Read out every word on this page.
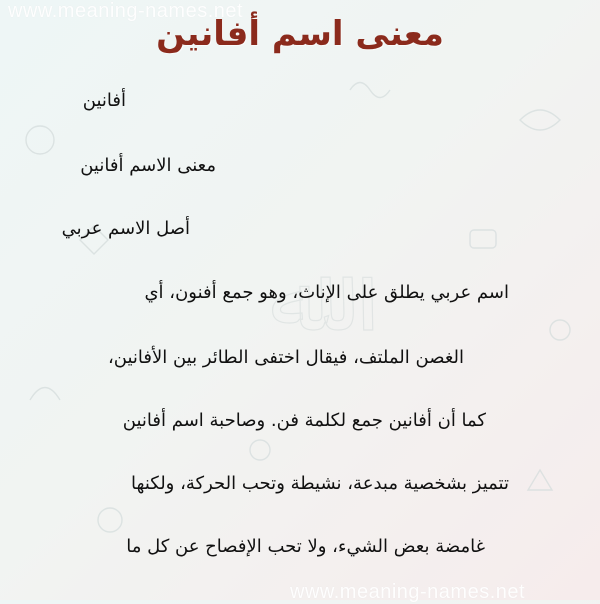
ﷲ
www.meaning-names.net
www.meaning-names.net
معنى اسم أفانين
أفانين
معنى الاسم أفانين
أصل الاسم عربي
اسم عربي يطلق على الإناث، وهو جمع أفنون، أي
الغصن الملتف، فيقال اختفى الطائر بين الأفانين،
كما أن أفانين جمع لكلمة فن. وصاحبة اسم أفانين
تتميز بشخصية مبدعة، نشيطة وتحب الحركة، ولكنها
غامضة بعض الشيء، ولا تحب الإفصاح عن كل ما
